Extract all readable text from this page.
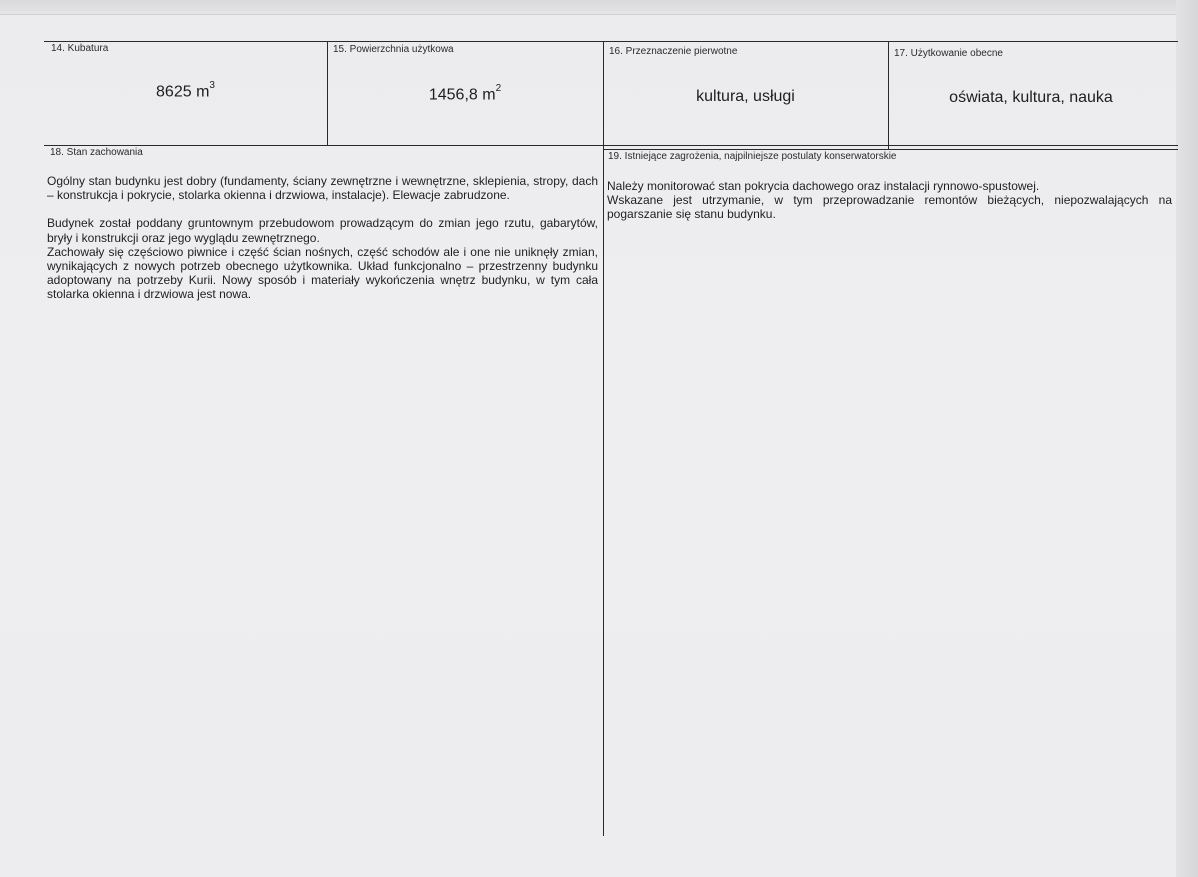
14. Kubatura
8625 $m^3$
15. Powierzchnia użytkowa
1456,8 $m^2$
16. Przeznaczenie pierwotne
kultura, usługi
17. Użytkowanie obecne
oświata, kultura, nauka
18. Stan zachowania

Ogólny stan budynku jest dobry (fundamenty, ściany zewnętrzne i wewnętrzne, sklepienia, stropy, dach – konstrukcja i pokrycie, stolarka okienna i drzwiowa, instalacje). Elewacje zabrudzone.

Budynek został poddany gruntownym przebudowom prowadzącym do zmian jego rzutu, gabarytów, bryły i konstrukcji oraz jego wyglądu zewnętrznego.

Zachowały się częściowo piwnice i część ścian nośnych, część schodów ale i one nie uniknęły zmian, wynikających z nowych potrzeb obecnego użytkownika. Układ funkcjonalno – przestrzenny budynku adoptowany na potrzeby Kurii. Nowy sposób i materiały wykończenia wnętrz budynku, w tym cała stolarka okienna i drzwiowa jest nowa.

19. Istniejące zagrożenia, najpilniejsze postulaty konserwatorskie

Należy monitorować stan pokrycia dachowego oraz instalacji rynnowo-spustowej.

Wskazane jest utrzymanie, w tym przeprowadzanie remontów bieżących, niepozwalających na pogarszanie się stanu budynku.
